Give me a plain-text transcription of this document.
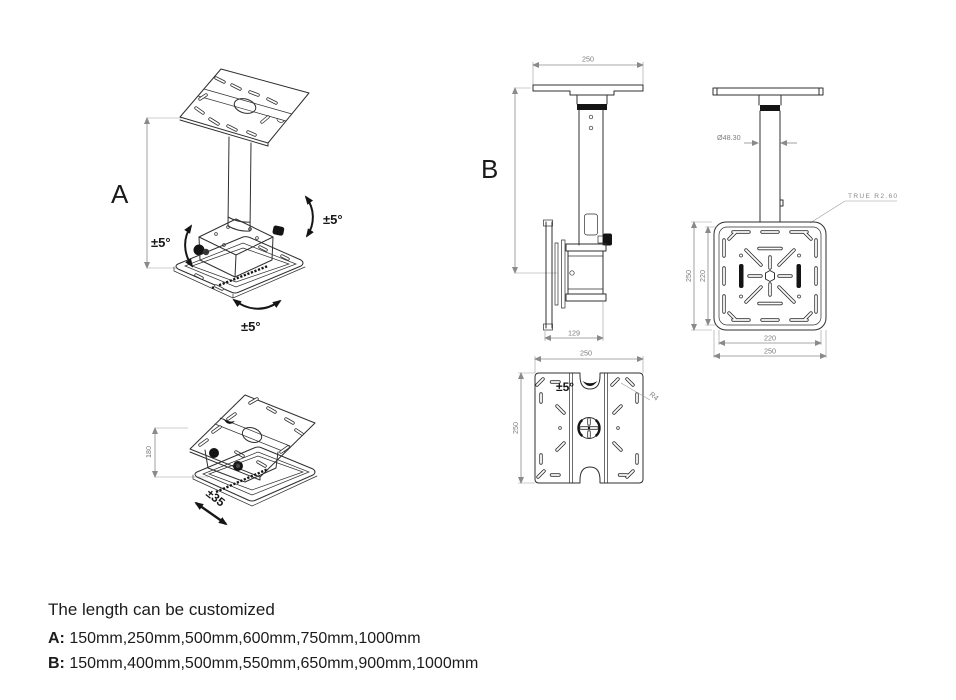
A
±5°
±5°
±5°
B
250
129
Ø48.30
TRUE R2.60
250 220
220
250
250
250
±5°
R4
180
±35

The length can be customized

A: 150mm,250mm,500mm,600mm,750mm,1000mm

B: 150mm,400mm,500mm,550mm,650mm,900mm,1000mm
